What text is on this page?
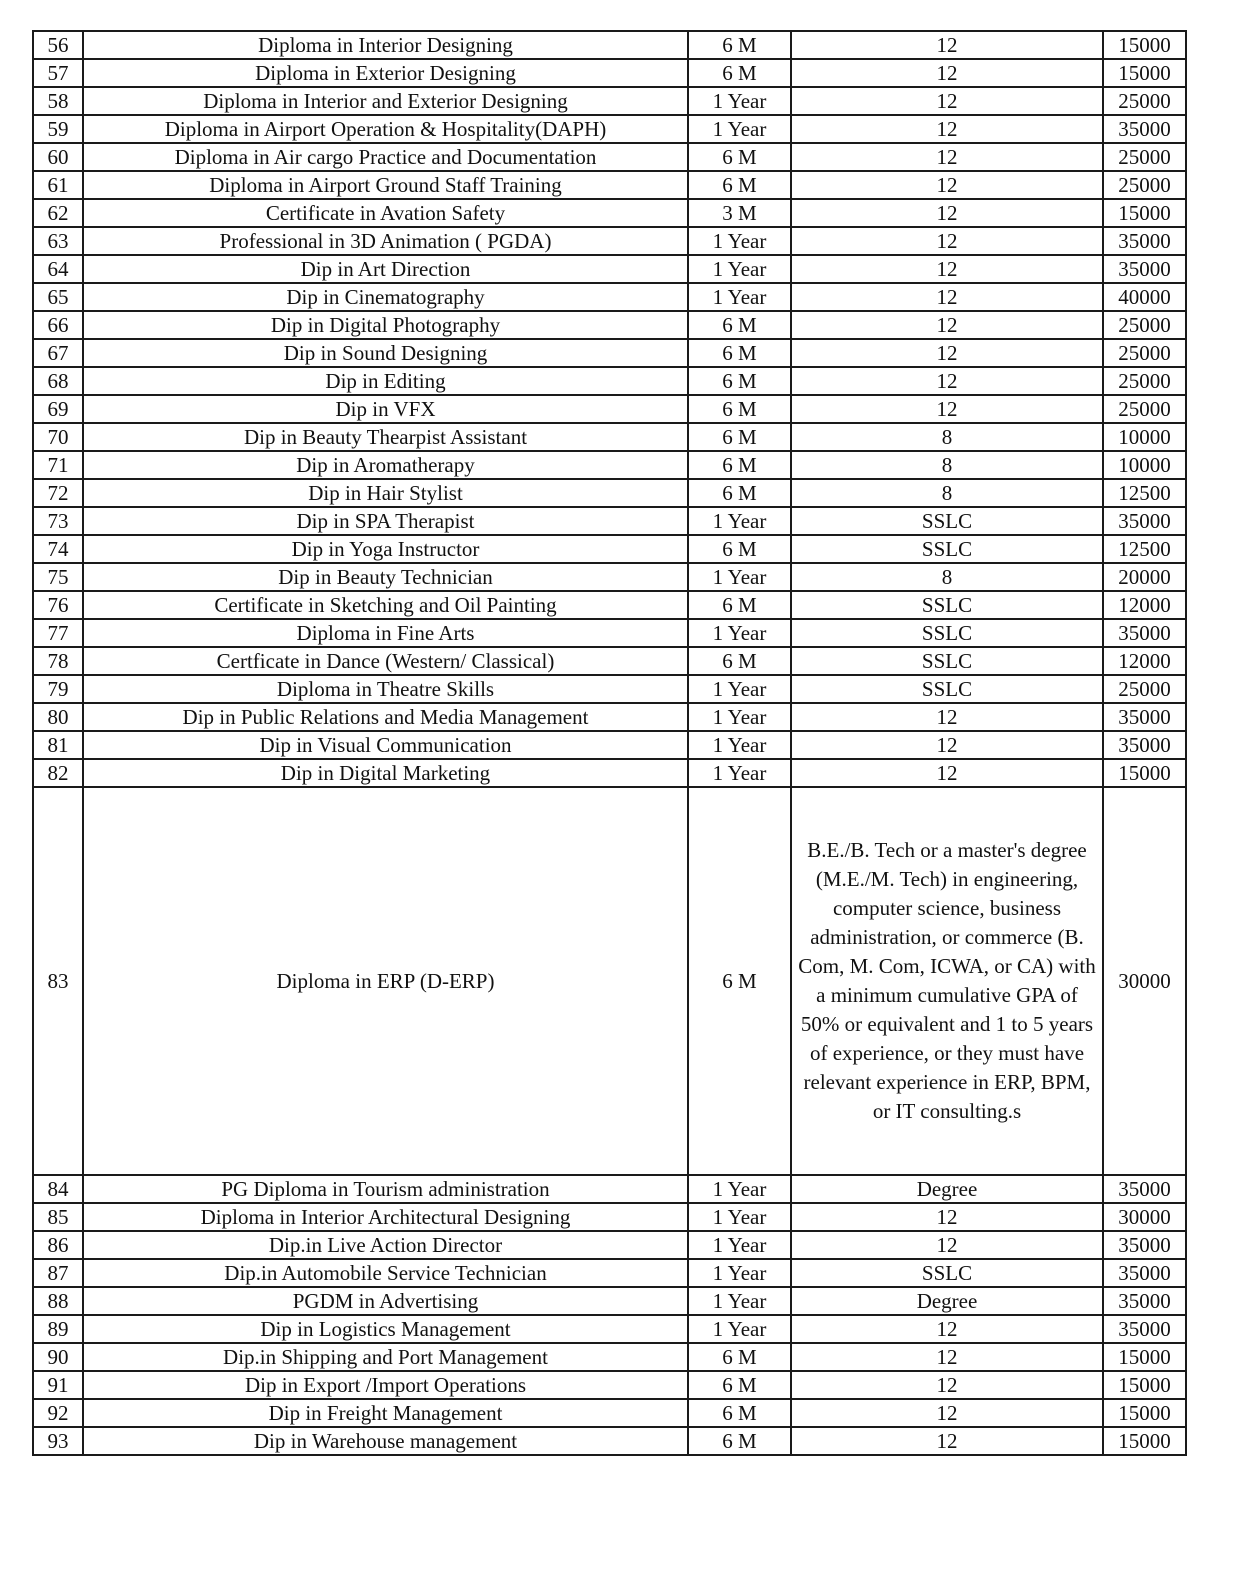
56	Diploma in Interior Designing	6 M	12	15000
57	Diploma in Exterior Designing	6 M	12	15000
58	Diploma in Interior and Exterior Designing	1 Year	12	25000
59	Diploma in Airport Operation & Hospitality(DAPH)	1 Year	12	35000
60	Diploma in Air cargo Practice and Documentation	6 M	12	25000
61	Diploma in Airport Ground Staff Training	6 M	12	25000
62	Certificate in Avation Safety	3 M	12	15000
63	Professional in 3D Animation ( PGDA)	1 Year	12	35000
64	Dip in Art Direction	1 Year	12	35000
65	Dip in Cinematography	1 Year	12	40000
66	Dip in Digital Photography	6 M	12	25000
67	Dip in Sound Designing	6 M	12	25000
68	Dip in Editing	6 M	12	25000
69	Dip in VFX	6 M	12	25000
70	Dip in Beauty Thearpist Assistant	6 M	8	10000
71	Dip in Aromatherapy	6 M	8	10000
72	Dip in Hair Stylist	6 M	8	12500
73	Dip in SPA Therapist	1 Year	SSLC	35000
74	Dip in Yoga Instructor	6 M	SSLC	12500
75	Dip in Beauty Technician	1 Year	8	20000
76	Certificate in Sketching and Oil Painting	6 M	SSLC	12000
77	Diploma in Fine Arts	1 Year	SSLC	35000
78	Certficate in Dance (Western/ Classical)	6 M	SSLC	12000
79	Diploma in Theatre Skills	1 Year	SSLC	25000
80	Dip in Public Relations and Media Management	1 Year	12	35000
81	Dip in Visual Communication	1 Year	12	35000
82	Dip in Digital Marketing	1 Year	12	15000
83	Diploma in ERP (D-ERP)	6 M	B.E./B. Tech or a master's degree (M.E./M. Tech) in engineering, computer science, business administration, or commerce (B. Com, M. Com, ICWA, or CA) with a minimum cumulative GPA of 50% or equivalent and 1 to 5 years of experience, or they must have relevant experience in ERP, BPM, or IT consulting.s	30000
84	PG Diploma in Tourism administration	1 Year	Degree	35000
85	Diploma in Interior Architectural Designing	1 Year	12	30000
86	Dip.in Live Action Director	1 Year	12	35000
87	Dip.in Automobile Service Technician	1 Year	SSLC	35000
88	PGDM in Advertising	1 Year	Degree	35000
89	Dip in Logistics Management	1 Year	12	35000
90	Dip.in Shipping and Port Management	6 M	12	15000
91	Dip in Export /Import Operations	6 M	12	15000
92	Dip in Freight Management	6 M	12	15000
93	Dip in Warehouse management	6 M	12	15000
